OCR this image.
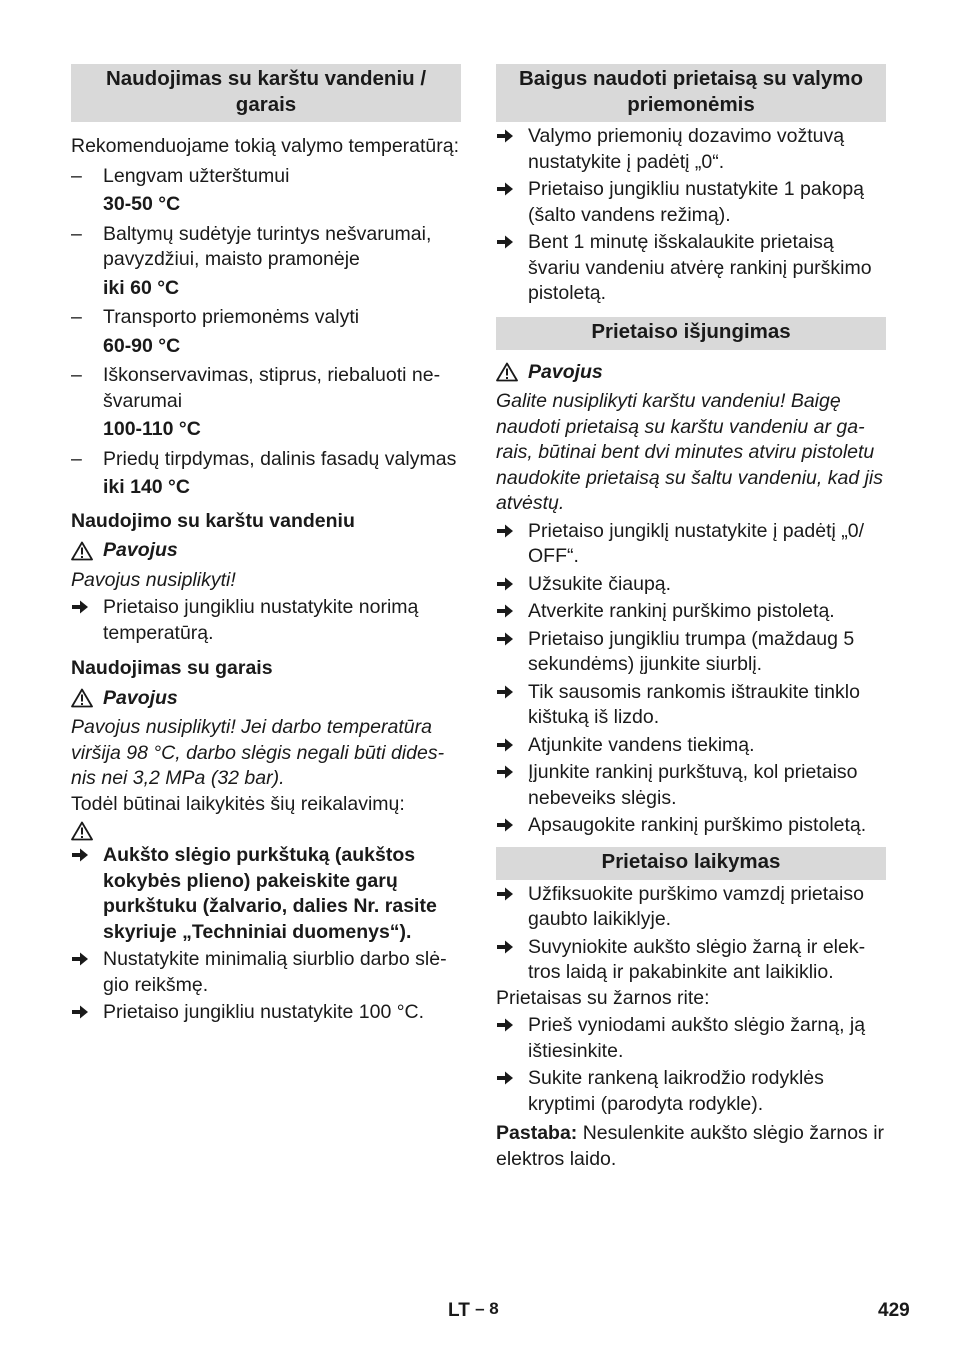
Naudojimas su karštu vandeniu / garais

Rekomenduojame tokią valymo temperatūrą:

– Lengvam užterštumui
30-50 °C
– Baltymų sudėtyje turintys nešvarumai, pavyzdžiui, maisto pramonėje
iki 60 °C
– Transporto priemonėms valyti
60-90 °C
– Iškonservavimas, stiprus, riebaluoti nešvarumai
100-110 °C
– Priedų tirpdymas, dalinis fasadų valymas
iki 140 °C

Naudojimo su karštu vandeniu

Pavojus

Pavojus nusiplikyti!

Prietaiso jungikliu nustatykite norimą temperatūrą.

Naudojimas su garais

Pavojus

Pavojus nusiplikyti! Jei darbo temperatūra viršija 98 °C, darbo slėgis negali būti didesnis nei 3,2 MPa (32 bar).

Todėl būtinai laikykitės šių reikalavimų:

Aukšto slėgio purkštuką (aukštos kokybės plieno) pakeiskite garų purkštuku (žalvario, dalies Nr. rasite skyriuje „Techniniai duomenys“).
Nustatykite minimalią siurblio darbo slėgio reikšmę.
Prietaiso jungikliu nustatykite 100 °C.
Baigus naudoti prietaisą su valymo priemonėmis
Valymo priemonių dozavimo vožtuvą nustatykite į padėtį „0“.
Prietaiso jungikliu nustatykite 1 pakopą (šalto vandens režimą).
Bent 1 minutę išskalaukite prietaisą švariu vandeniu atvėrę rankinį purškimo pistoletą.
Prietaiso išjungimas
Pavojus

Galite nusiplikyti karštu vandeniu! Baigę naudoti prietaisą su karštu vandeniu ar garais, būtinai bent dvi minutes atviru pistoletu naudokite prietaisą su šaltu vandeniu, kad jis atvėstų.

Prietaiso jungiklį nustatykite į padėtį „0/ OFF“.
Užsukite čiaupą.
Atverkite rankinį purškimo pistoletą.
Prietaiso jungikliu trumpa (maždaug 5 sekundėms) įjunkite siurblį.
Tik sausomis rankomis ištraukite tinklo kištuką iš lizdo.
Atjunkite vandens tiekimą.
Įjunkite rankinį purkštuvą, kol prietaiso nebeveiks slėgis.
Apsaugokite rankinį purškimo pistoletą.
Prietaiso laikymas
Užfiksuokite purškimo vamzdį prietaiso gaubto laikiklyje.
Suvyniokite aukšto slėgio žarną ir elektros laidą ir pakabinkite ant laikiklio.

Prietaisas su žarnos rite:

Prieš vyniodami aukšto slėgio žarną, ją ištiesinkite.
Sukite rankeną laikrodžio rodyklės kryptimi (parodyta rodykle).

Pastaba: Nesulenkite aukšto slėgio žarnos ir elektros laido.

LT – 8	429
